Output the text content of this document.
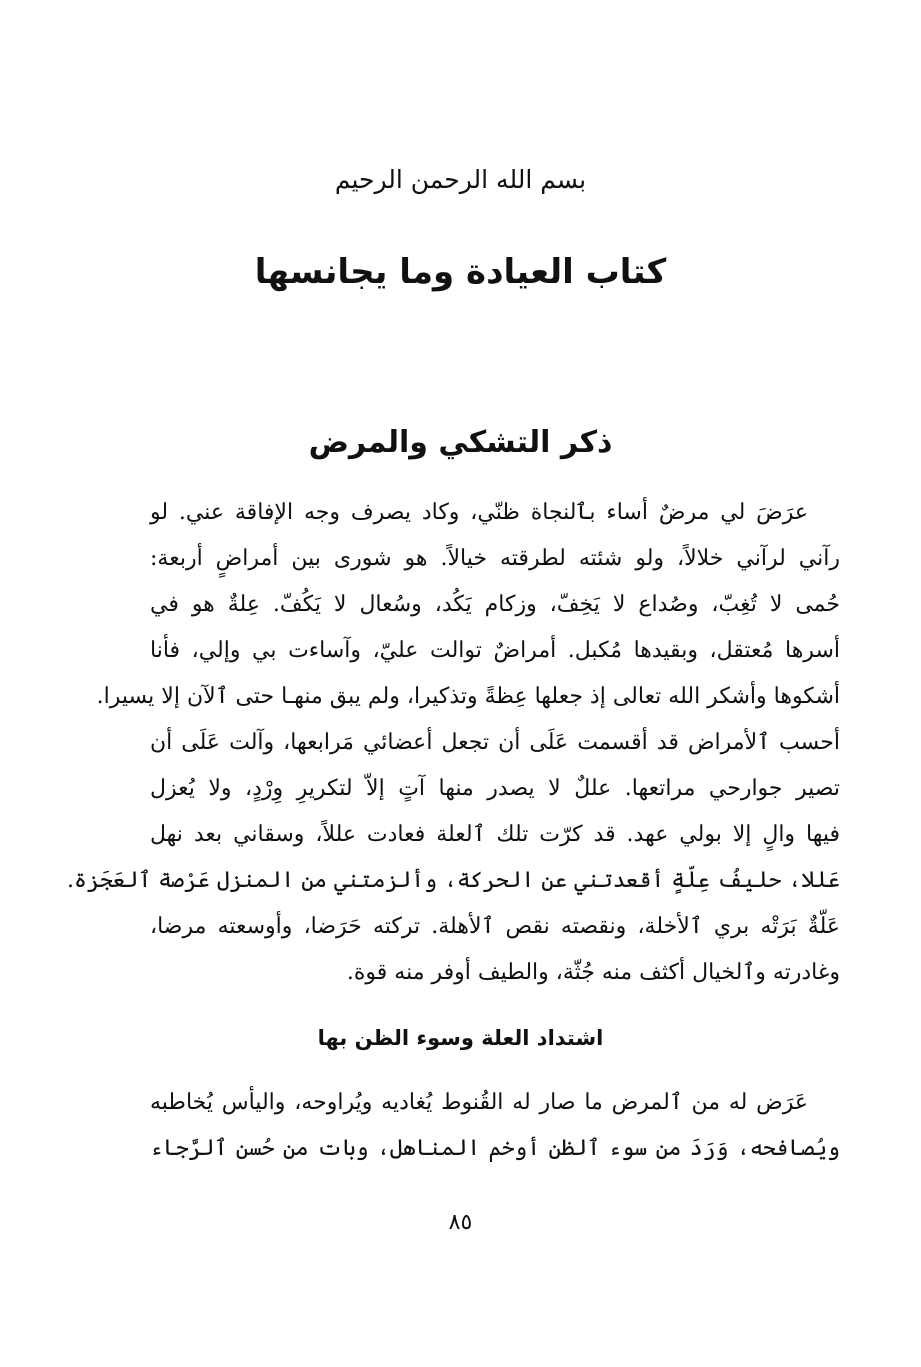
بسم الله الرحمن الرحيم
كتاب العيادة وما يجانسها
ذكر التشكي والمرض
عرَضَ لي مرضٌ أساء بٱلنجاة ظنّي، وكاد يصرف وجه الإفاقة عني. لو
رآني لرآني خلالاً، ولو شئته لطرقته خيالاً. هو شورى بين أمراضٍ أربعة:
حُمى لا تُغِبّ، وصُداع لا يَخِفّ، وزكام يَكُد، وسُعال لا يَكُفّ. عِلةٌ هو في
أسرها مُعتقل، وبقيدها مُكبل. أمراضٌ توالت عليّ، وآساءت بي وإلي، فأنا
أشكوها وأشكر الله تعالى إذ جعلها عِظةً وتذكيرا، ولم يبق منهـا حتى ٱلآن إلا يسيرا.
أحسب ٱلأمراض قد أقسمت عَلَى أن تجعل أعضائي مَرابعها، وآلت عَلَى أن
تصير جوارحي مراتعها. عللٌ لا يصدر منها آتٍ إلاّ لتكريرِ وِرْدٍ، ولا يُعزل
فيها والٍ إلا بولي عهد. قد كرّت تلك ٱلعلة فعادت عللاً، وسقاني بعد نهل
عَللا، حليفُ عِلّةٍ أقعدتني عن الحركة، وألزمتني من المنزل عَرْصة ٱلعَجَزة.
عَلّةٌ بَرَتْه بري ٱلأخلة، ونقصته نقص ٱلأهلة. تركته حَرَضا، وأوسعته مرضا،
وغادرته وٱلخيال أكثف منه جُثّة، والطيف أوفر منه قوة.
اشتداد العلة وسوء الظن بها
عَرَض له من ٱلمرض ما صار له القُنوط يُغاديه ويُراوحه، واليأس يُخاطبه
ويُصافحه، وَرَدَ من سوء ٱلظن أوخم المناهل، وبات من حُسن ٱلرَّجاء
٨٥
